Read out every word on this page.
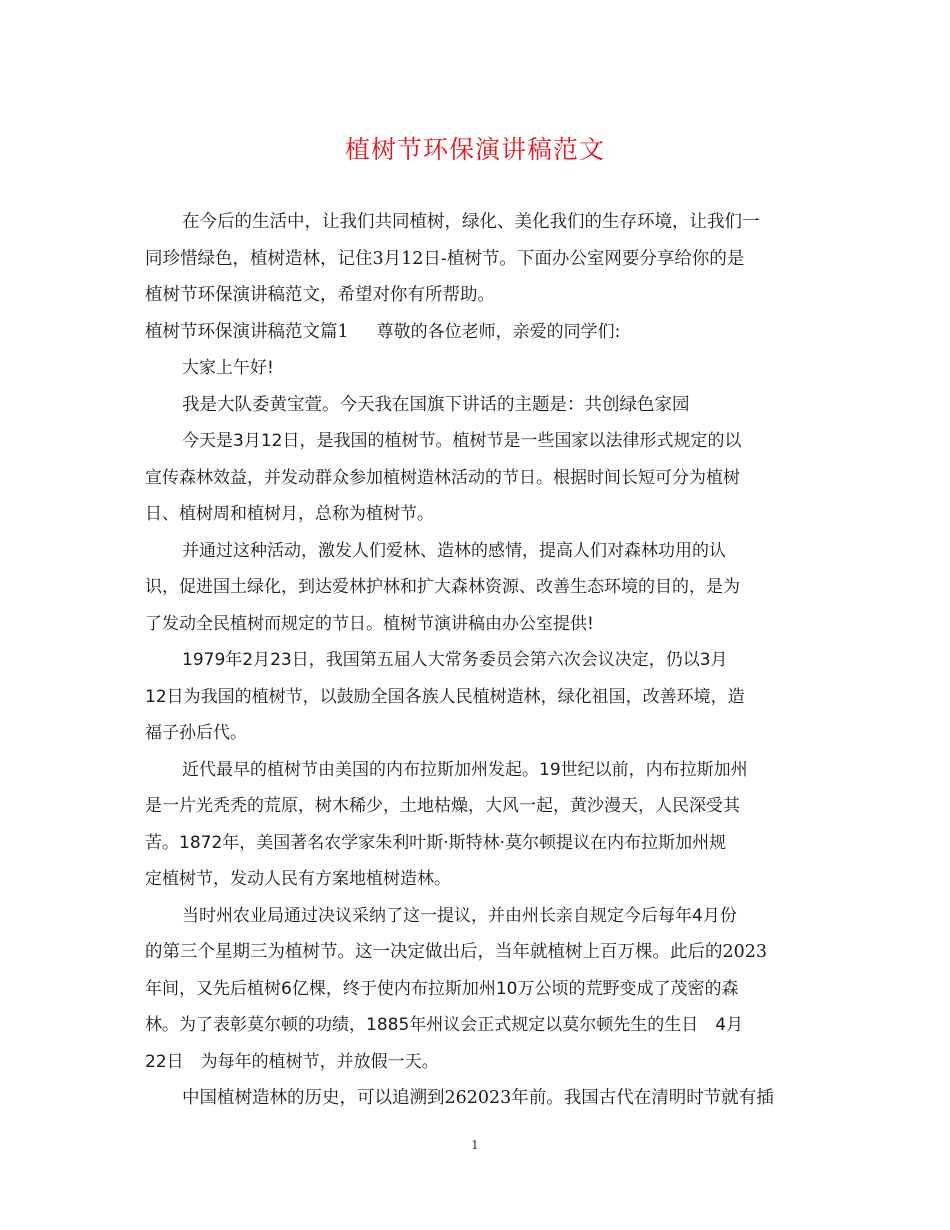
植树节环保演讲稿范文
在今后的生活中，让我们共同植树，绿化、美化我们的生存环境，让我们一
同珍惜绿色，植树造林，记住3月12日-植树节。下面办公室网要分享给你的是
植树节环保演讲稿范文，希望对你有所帮助。
植树节环保演讲稿范文篇1 尊敬的各位老师，亲爱的同学们:
大家上午好!
我是大队委黄宝萱。今天我在国旗下讲话的主题是：共创绿色家园
今天是3月12日，是我国的植树节。植树节是一些国家以法律形式规定的以
宣传森林效益，并发动群众参加植树造林活动的节日。根据时间长短可分为植树
日、植树周和植树月，总称为植树节。
并通过这种活动，激发人们爱林、造林的感情，提高人们对森林功用的认
识，促进国土绿化，到达爱林护林和扩大森林资源、改善生态环境的目的，是为
了发动全民植树而规定的节日。植树节演讲稿由办公室提供!
1979年2月23日，我国第五届人大常务委员会第六次会议决定，仍以3月
12日为我国的植树节，以鼓励全国各族人民植树造林，绿化祖国，改善环境，造
福子孙后代。
近代最早的植树节由美国的内布拉斯加州发起。19世纪以前，内布拉斯加州
是一片光秃秃的荒原，树木稀少，土地枯燥，大风一起，黄沙漫天，人民深受其
苦。1872年，美国著名农学家朱利叶斯·斯特林·莫尔顿提议在内布拉斯加州规
定植树节，发动人民有方案地植树造林。
当时州农业局通过决议采纳了这一提议，并由州长亲自规定今后每年4月份
的第三个星期三为植树节。这一决定做出后，当年就植树上百万棵。此后的2023
年间，又先后植树6亿棵，终于使内布拉斯加州10万公顷的荒野变成了茂密的森
林。为了表彰莫尔顿的功绩，1885年州议会正式规定以莫尔顿先生的生日　4月
22日　为每年的植树节，并放假一天。
中国植树造林的历史，可以追溯到262023年前。我国古代在清明时节就有插
1
